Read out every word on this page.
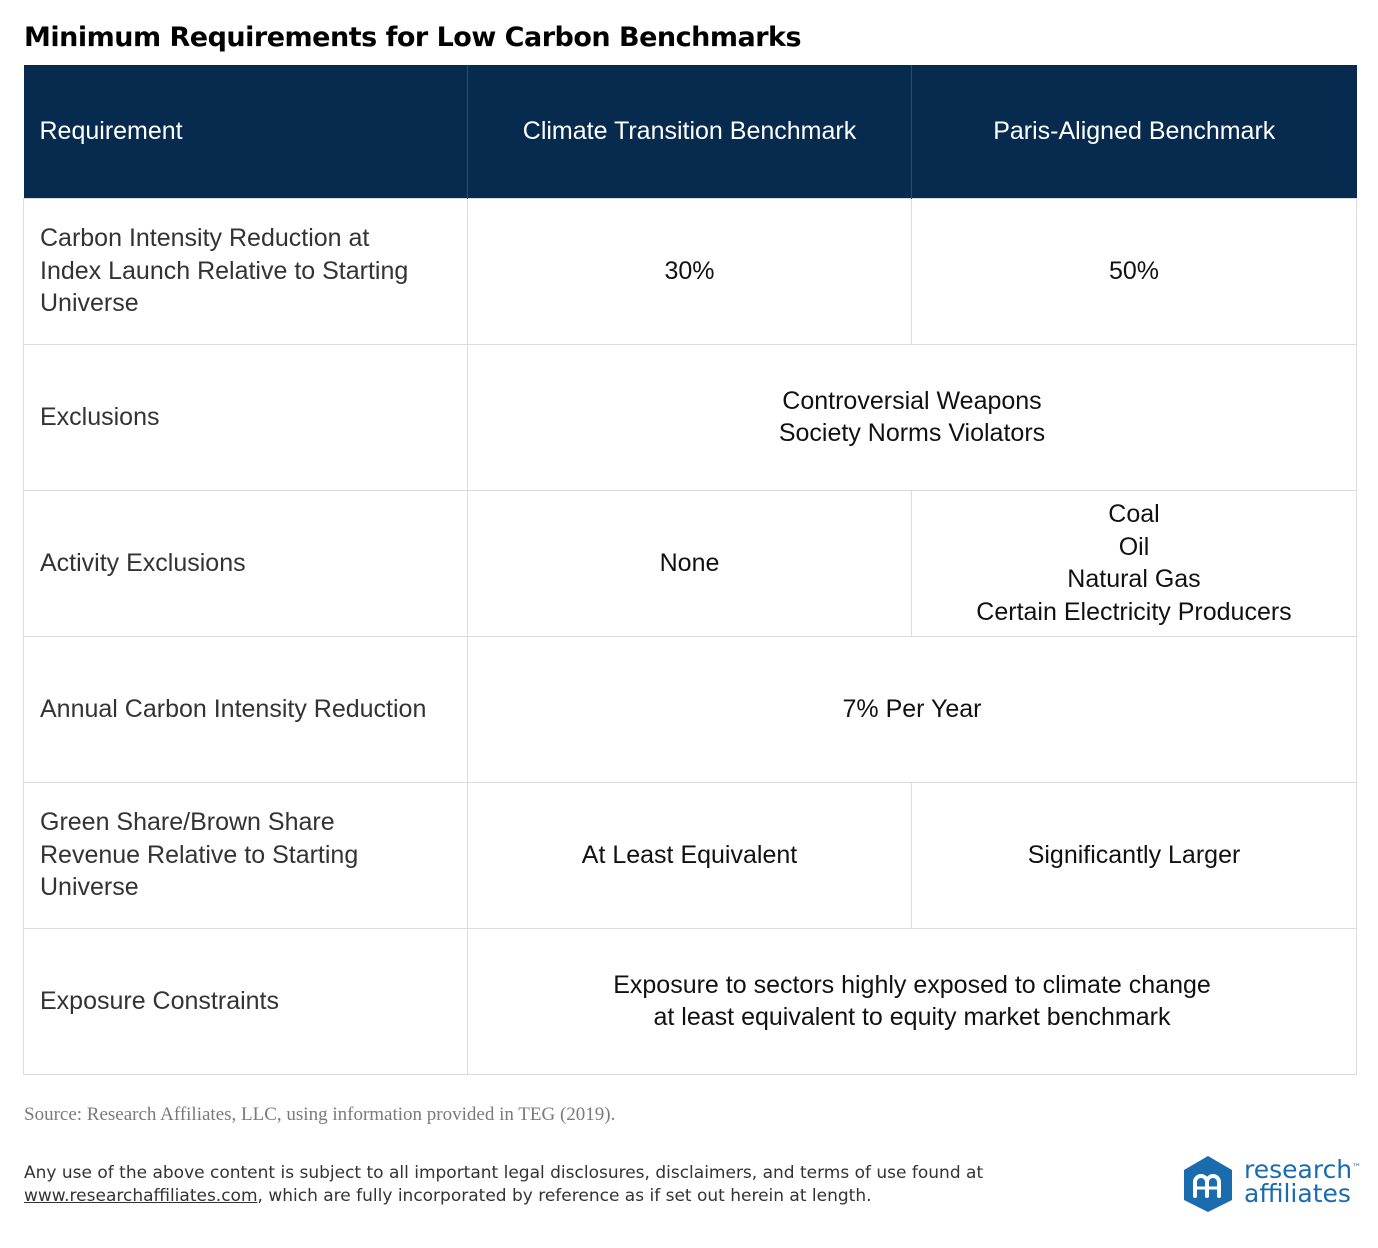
Minimum Requirements for Low Carbon Benchmarks
Requirement	Climate Transition Benchmark	Paris-Aligned Benchmark

Carbon Intensity Reduction at
Index Launch Relative to Starting
Universe	30%	50%

Exclusions	Controversial Weapons
Society Norms Violators	

Activity Exclusions	None	Coal
Oil
Natural Gas
Certain Electricity Producers

Annual Carbon Intensity Reduction	7% Per Year	

Green Share/Brown Share
Revenue Relative to Starting
Universe	At Least Equivalent	Significantly Larger

Exposure Constraints	Exposure to sectors highly exposed to climate change
at least equivalent to equity market benchmark	
Source: Research Affiliates, LLC, using information provided in TEG (2019).
Any use of the above content is subject to all important legal disclosures, disclaimers, and terms of use found at
www.researchaffiliates.com, which are fully incorporated by reference as if set out herein at length.
research™
affiliates
